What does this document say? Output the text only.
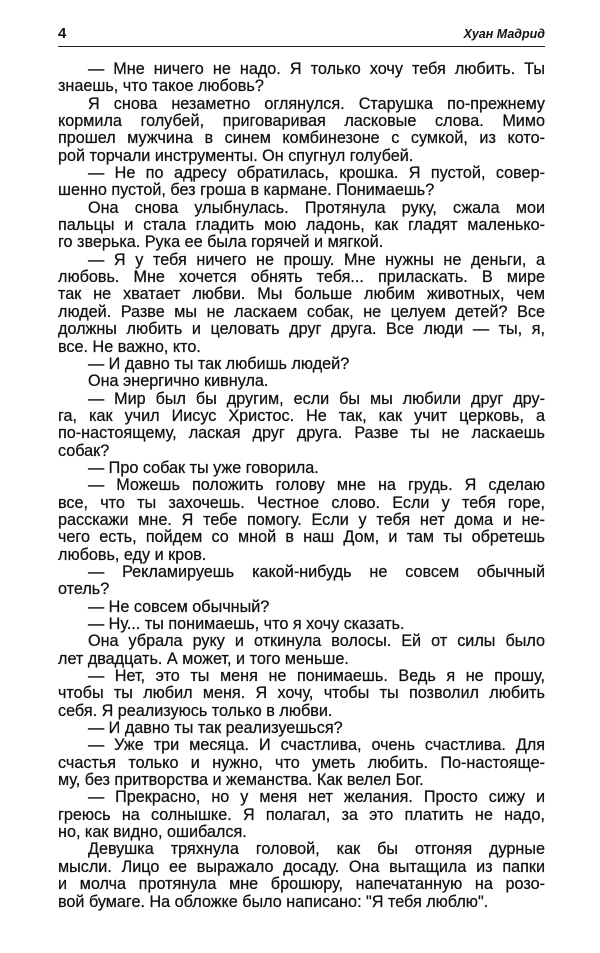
4	Хуан Мадрид
— Мне ничего не надо. Я только хочу тебя любить. Ты
знаешь, что такое любовь?
Я снова незаметно оглянулся. Старушка по-прежнему
кормила голубей, приговаривая ласковые слова. Мимо
прошел мужчина в синем комбинезоне с сумкой, из кото-
рой торчали инструменты. Он спугнул голубей.
— Не по адресу обратилась, крошка. Я пустой, совер-
шенно пустой, без гроша в кармане. Понимаешь?
Она снова улыбнулась. Протянула руку, сжала мои
пальцы и стала гладить мою ладонь, как гладят маленько-
го зверька. Рука ее была горячей и мягкой.
— Я у тебя ничего не прошу. Мне нужны не деньги, а
любовь. Мне хочется обнять тебя... приласкать. В мире
так не хватает любви. Мы больше любим животных, чем
людей. Разве мы не ласкаем собак, не целуем детей? Все
должны любить и целовать друг друга. Все люди — ты, я,
все. Не важно, кто.
— И давно ты так любишь людей?
Она энергично кивнула.
— Мир был бы другим, если бы мы любили друг дру-
га, как учил Иисус Христос. Не так, как учит церковь, а
по-настоящему, лаская друг друга. Разве ты не ласкаешь
собак?
— Про собак ты уже говорила.
— Можешь положить голову мне на грудь. Я сделаю
все, что ты захочешь. Честное слово. Если у тебя горе,
расскажи мне. Я тебе помогу. Если у тебя нет дома и не-
чего есть, пойдем со мной в наш Дом, и там ты обретешь
любовь, еду и кров.
— Рекламируешь какой-нибудь не совсем обычный
отель?
— Не совсем обычный?
— Ну... ты понимаешь, что я хочу сказать.
Она убрала руку и откинула волосы. Ей от силы было
лет двадцать. А может, и того меньше.
— Нет, это ты меня не понимаешь. Ведь я не прошу,
чтобы ты любил меня. Я хочу, чтобы ты позволил любить
себя. Я реализуюсь только в любви.
— И давно ты так реализуешься?
— Уже три месяца. И счастлива, очень счастлива. Для
счастья только и нужно, что уметь любить. По-настояще-
му, без притворства и жеманства. Как велел Бог.
— Прекрасно, но у меня нет желания. Просто сижу и
греюсь на солнышке. Я полагал, за это платить не надо,
но, как видно, ошибался.
Девушка тряхнула головой, как бы отгоняя дурные
мысли. Лицо ее выражало досаду. Она вытащила из папки
и молча протянула мне брошюру, напечатанную на розо-
вой бумаге. На обложке было написано: "Я тебя люблю".
